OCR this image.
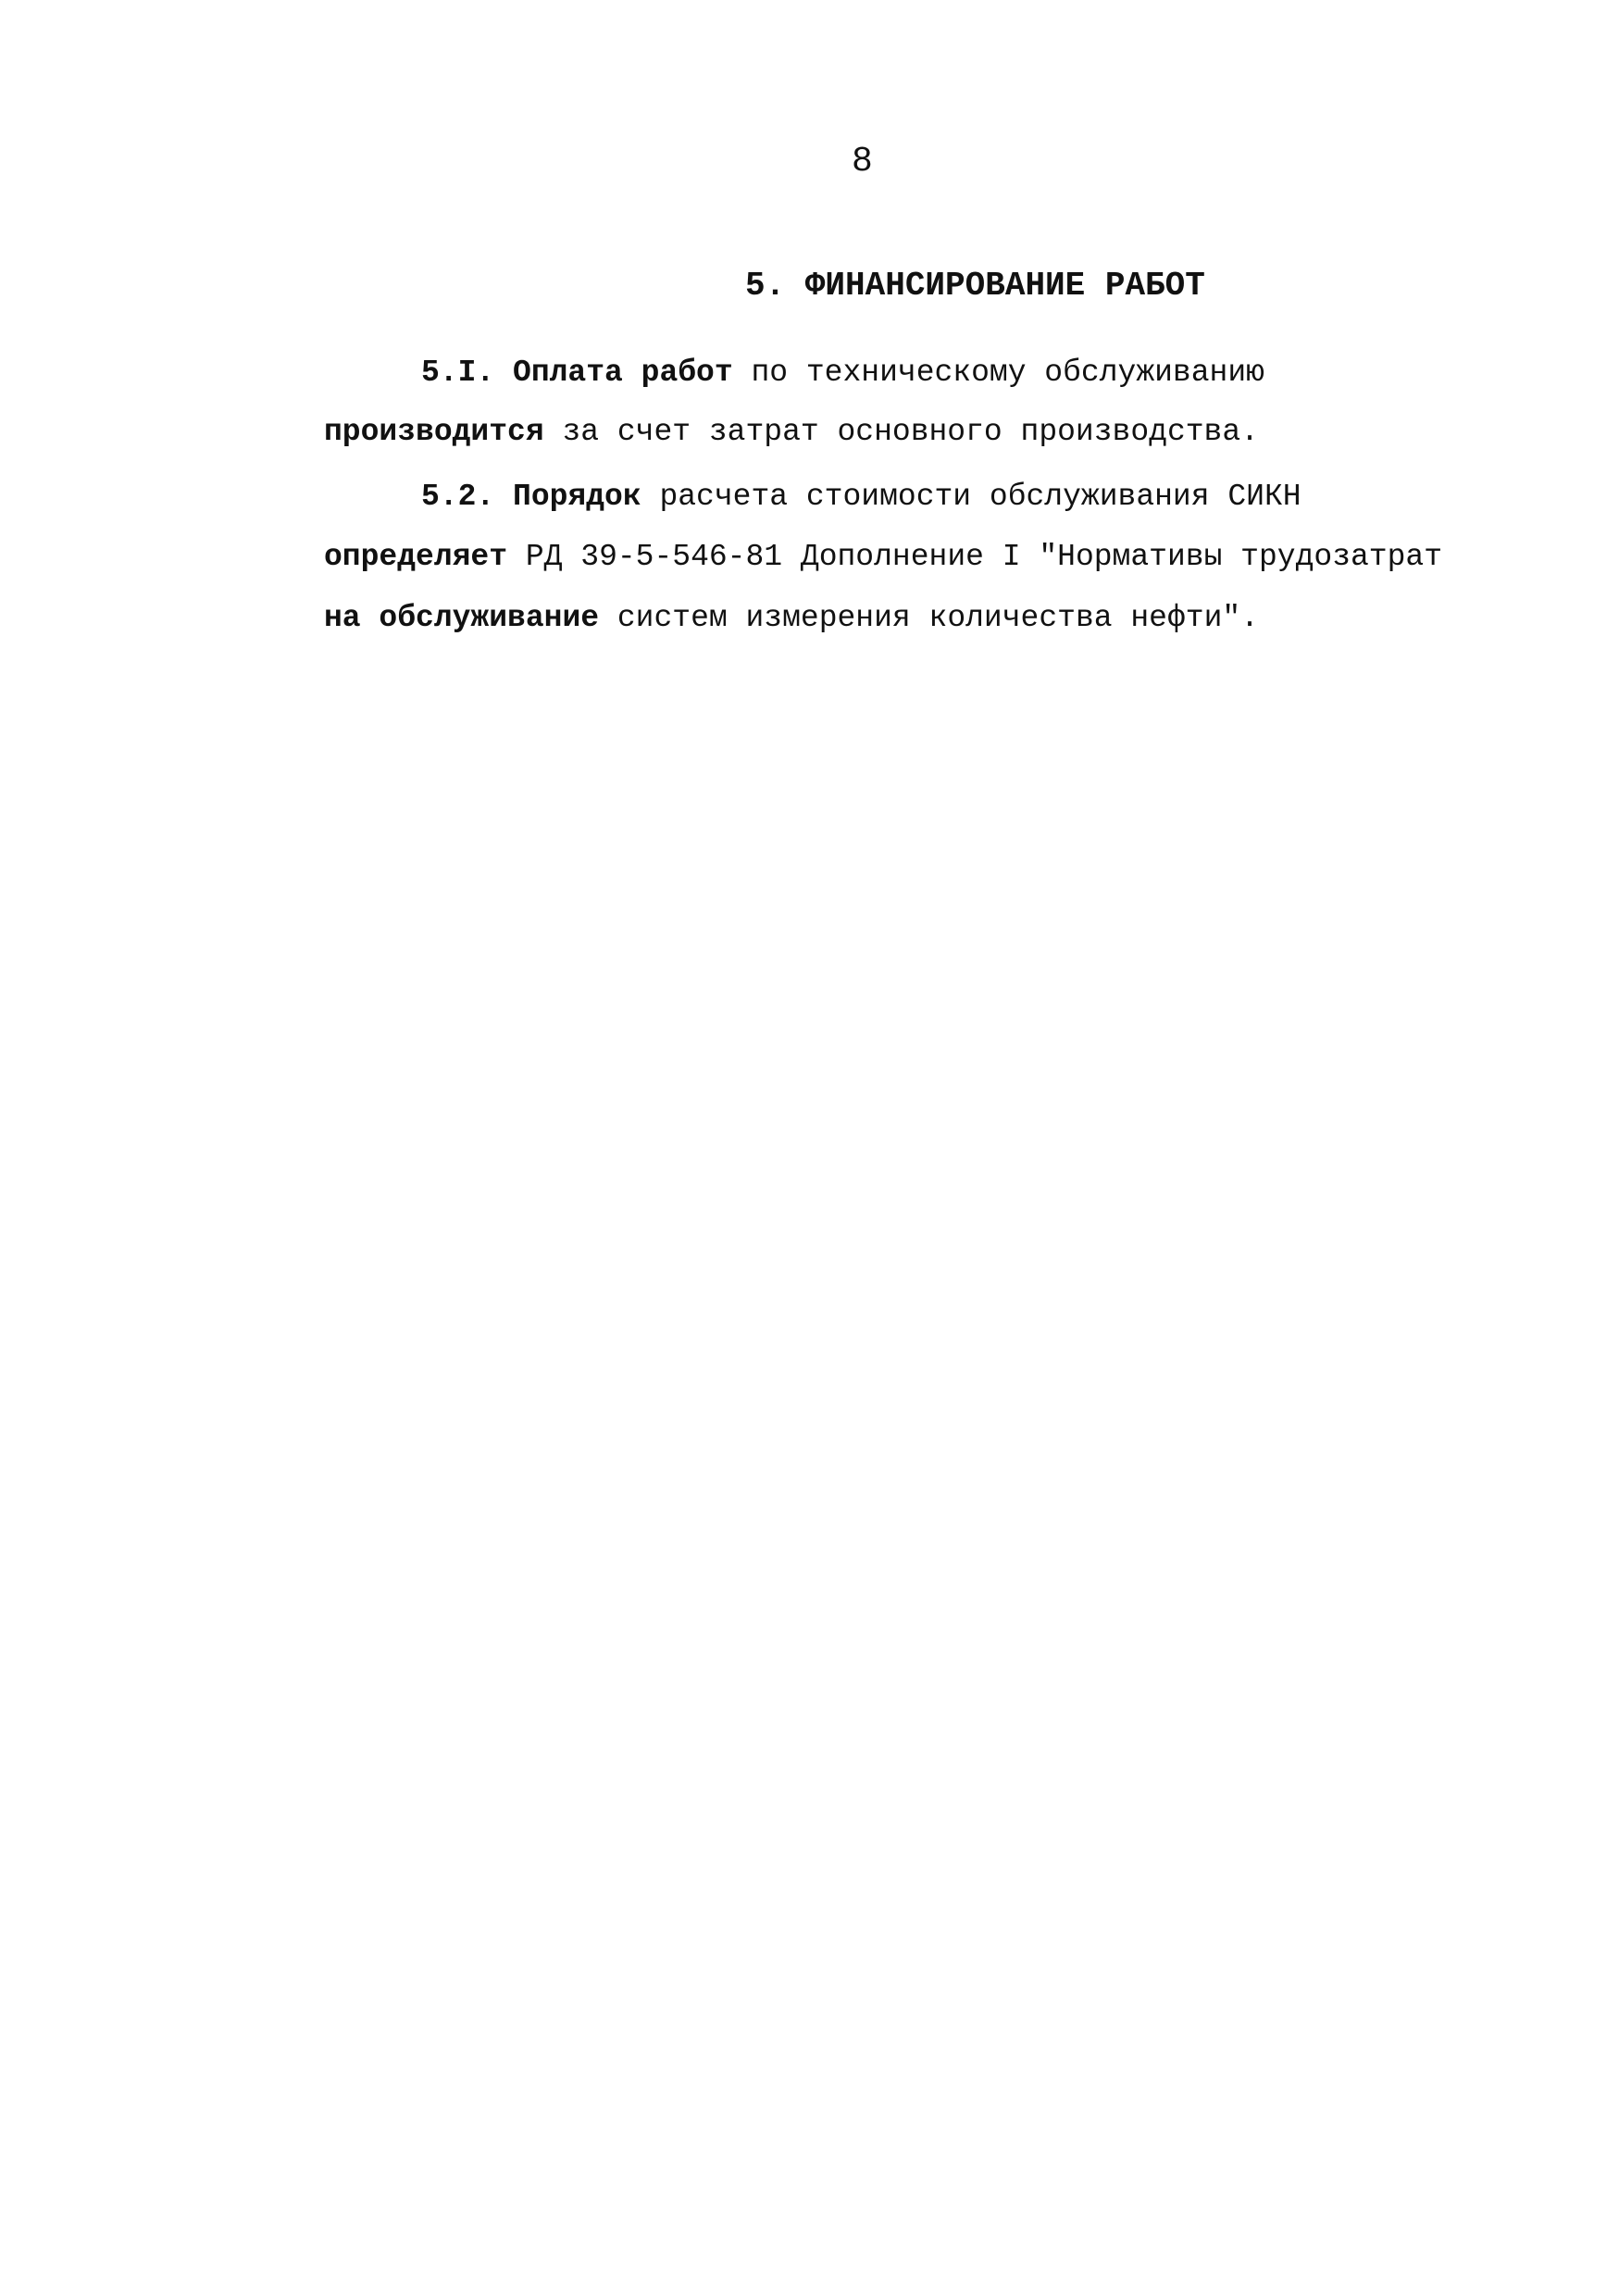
8
5. ФИНАНСИРОВАНИЕ РАБОТ
5.I. Оплата работ по техническому обслуживанию
производится за счет затрат основного производства.
5.2. Порядок расчета стоимости обслуживания СИКН
определяет РД 39-5-546-81 Дополнение I "Нормативы трудозатрат
на обслуживание систем измерения количества нефти".
